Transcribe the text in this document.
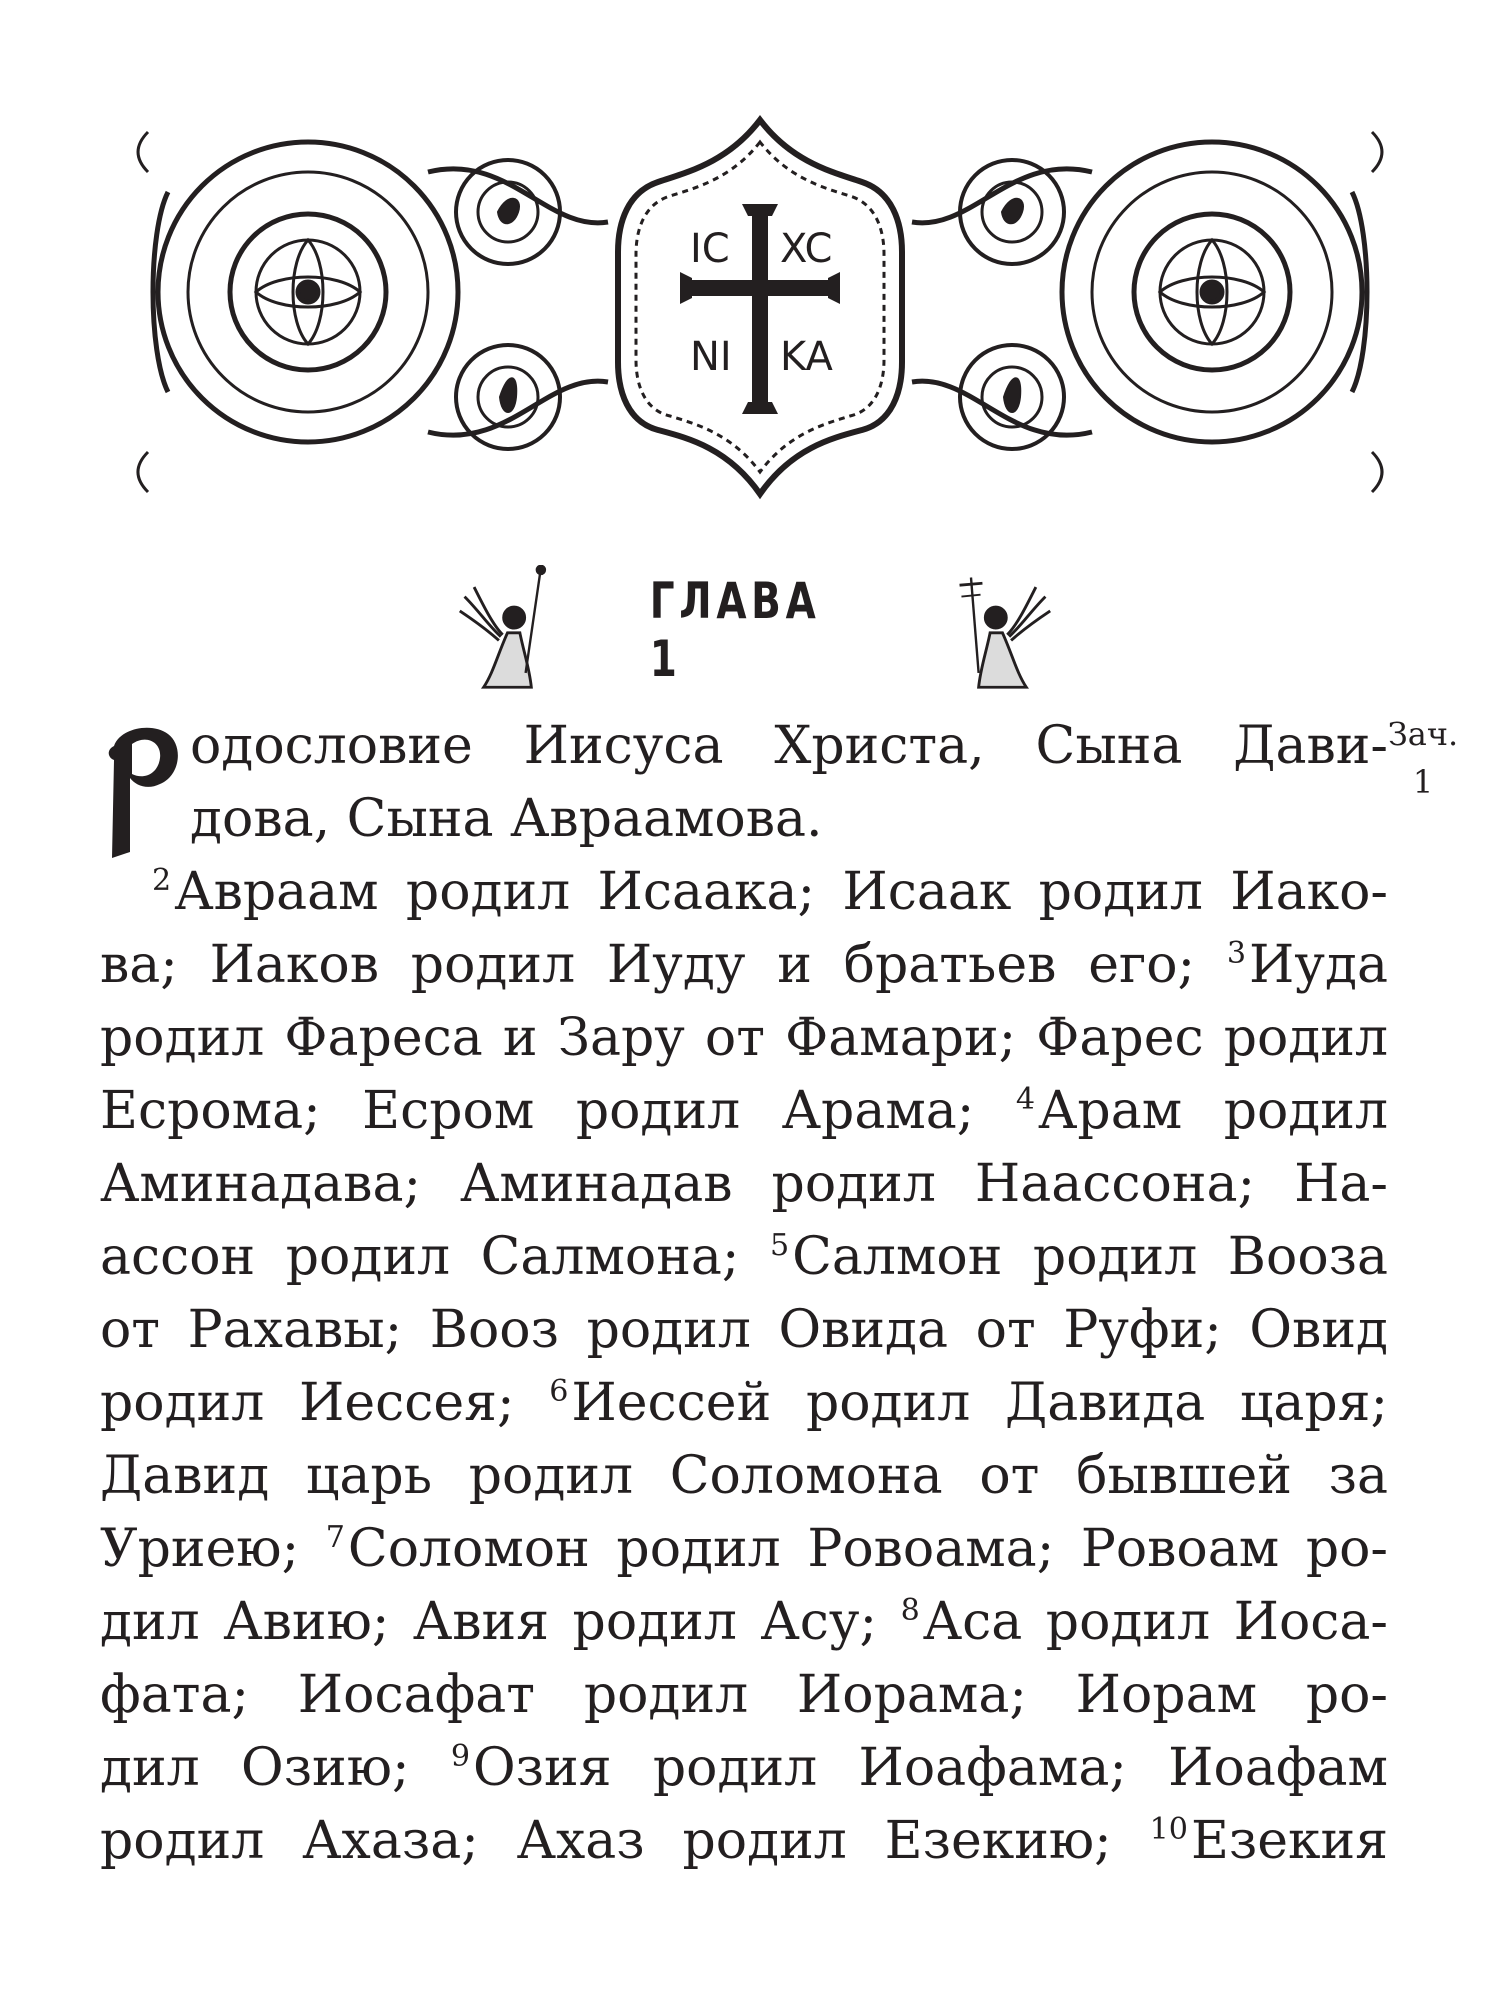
IC XC
NI KA
ГЛАВА 1
Зач.
1
одословие Иисуса Христа, Сына Дави-
дова, Сына Авраамова.
$^2$Авраам родил Исаака; Исаак родил Иако-
ва; Иаков родил Иуду и братьев его; $^3$Иуда
родил Фареса и Зару от Фамари; Фарес родил
Есрома; Есром родил Арама; $^4$Арам родил
Аминадава; Аминадав родил Наассона; На-
ассон родил Салмона; $^5$Салмон родил Вооза
от Рахавы; Вооз родил Овида от Руфи; Овид
родил Иессея; $^6$Иессей родил Давида царя;
Давид царь родил Соломона от бывшей за
Уриею; $^7$Соломон родил Ровоама; Ровоам ро-
дил Авию; Авия родил Асу; $^8$Аса родил Иоса-
фата; Иосафат родил Иорама; Иорам ро-
дил Озию; $^9$Озия родил Иоафама; Иоафам
родил Ахаза; Ахаз родил Езекию; $^{10}$Езекия
